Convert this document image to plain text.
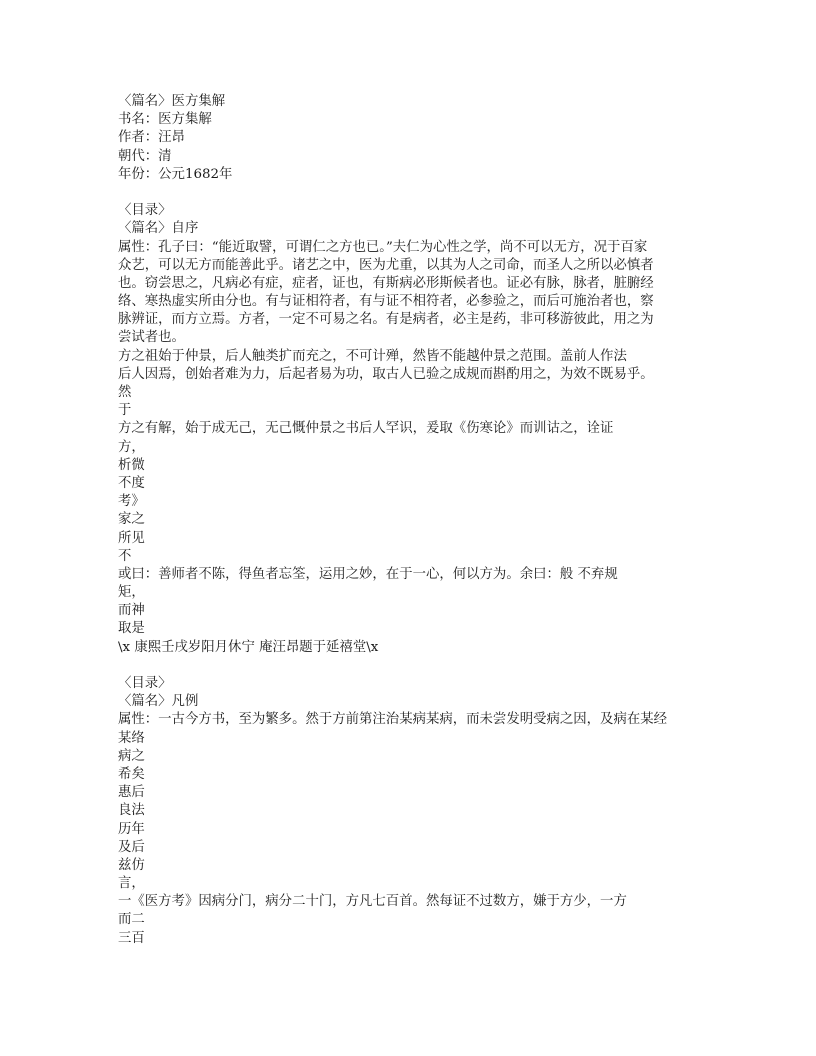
〈篇名〉医方集解
书名：医方集解
作者：汪昂
朝代：清
年份：公元1682年
〈目录〉
〈篇名〉自序
属性：孔子曰：“能近取譬，可谓仁之方也已。”夫仁为心性之学，尚不可以无方，况于百家
众艺，可以无方而能善此乎。诸艺之中，医为尤重，以其为人之司命，而圣人之所以必慎者
也。窃尝思之，凡病必有症，症者，证也，有斯病必形斯候者也。证必有脉，脉者，脏腑经
络、寒热虚实所由分也。有与证相符者，有与证不相符者，必参验之，而后可施治者也，察
脉辨证，而方立焉。方者，一定不可易之名。有是病者，必主是药，非可移游彼此，用之为
尝试者也。
方之祖始于仲景，后人触类扩而充之，不可计殚，然皆不能越仲景之范围。盖前人作法
后人因焉，创始者难为力，后起者易为功，取古人已验之成规而斟酌用之，为效不既易乎。
然
于
方之有解，始于成无己，无己慨仲景之书后人罕识，爰取《伤寒论》而训诂之，诠证
方，
析微
不度
考》
家之
所见
不
或曰：善师者不陈，得鱼者忘筌，运用之妙，在于一心，何以方为。余曰：般 不弃规
矩，
而神
取是
\x 康熙壬戌岁阳月休宁 庵汪昂题于延禧堂\x
〈目录〉
〈篇名〉凡例
属性：一古今方书，至为繁多。然于方前第注治某病某病，而未尝发明受病之因，及病在某经
某络
病之
希矣
惠后
良法
历年
及后
兹仿
言，
一《医方考》因病分门，病分二十门，方凡七百首。然每证不过数方，嫌于方少，一方
而二
三百
